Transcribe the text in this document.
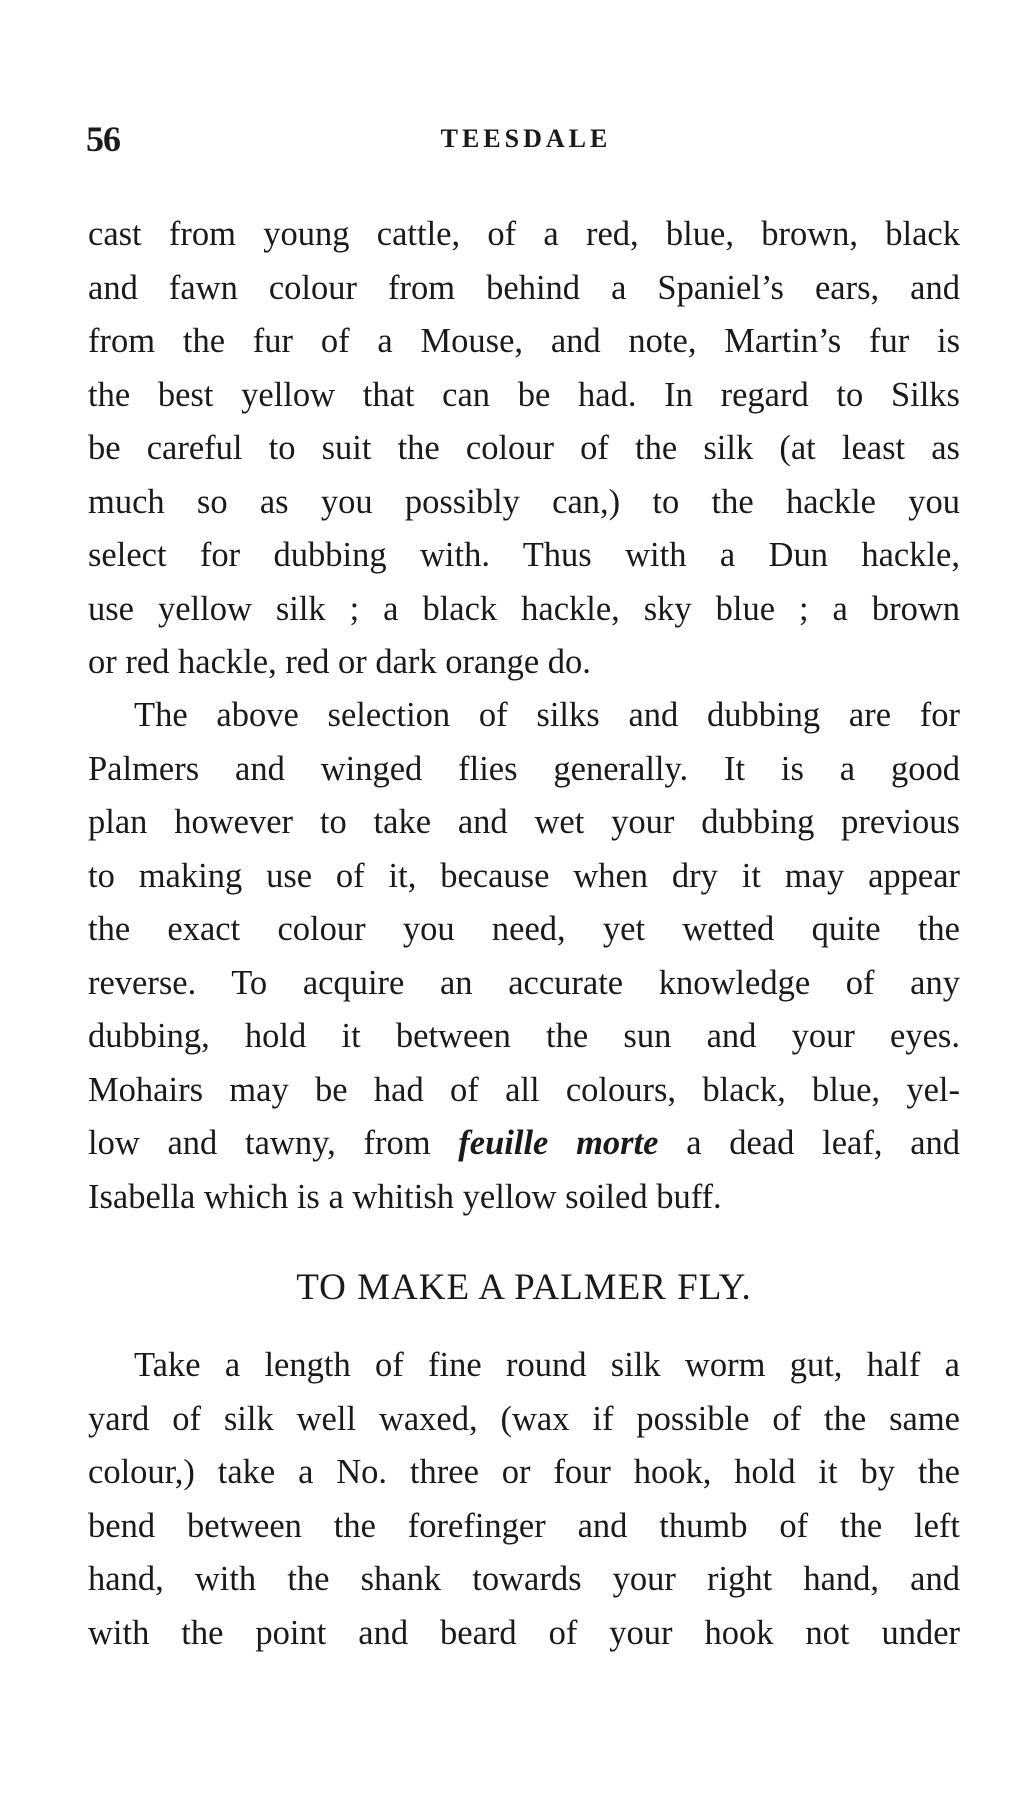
56	TEESDALE
cast from young cattle, of a red, blue, brown, black
and fawn colour from behind a Spaniel’s ears, and
from the fur of a Mouse, and note, Martin’s fur is
the best yellow that can be had. In regard to Silks
be careful to suit the colour of the silk (at least as
much so as you possibly can,) to the hackle you
select for dubbing with. Thus with a Dun hackle,
use yellow silk ; a black hackle, sky blue ; a brown
or red hackle, red or dark orange do.
The above selection of silks and dubbing are for
Palmers and winged flies generally. It is a good
plan however to take and wet your dubbing previous
to making use of it, because when dry it may appear
the exact colour you need, yet wetted quite the
reverse. To acquire an accurate knowledge of any
dubbing, hold it between the sun and your eyes.
Mohairs may be had of all colours, black, blue, yel-
low and tawny, from feuille morte a dead leaf, and
Isabella which is a whitish yellow soiled buff.
TO MAKE A PALMER FLY.
Take a length of fine round silk worm gut, half a
yard of silk well waxed, (wax if possible of the same
colour,) take a No. three or four hook, hold it by the
bend between the forefinger and thumb of the left
hand, with the shank towards your right hand, and
with the point and beard of your hook not under
